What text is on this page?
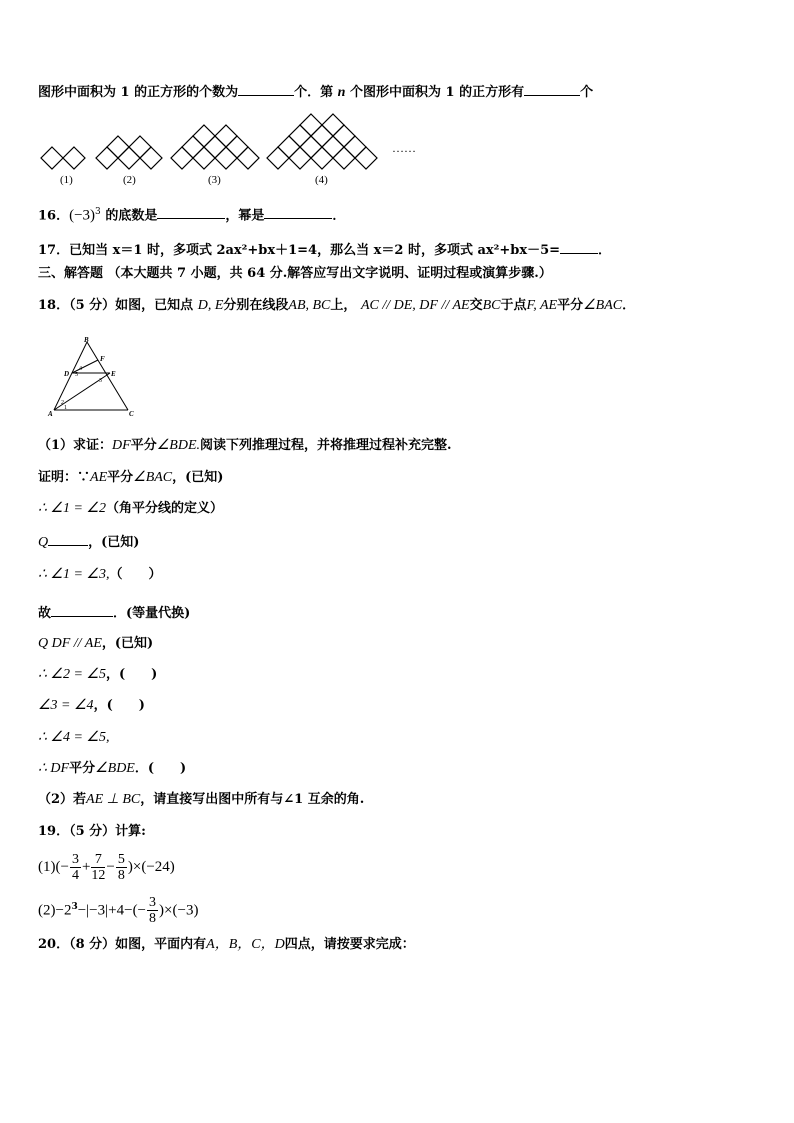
图形中面积为 1 的正方形的个数为	个．第 n 个图形中面积为 1 的正方形有	个
(1)	(2)	(3)	(4)
……
16．$(-3)^3$ 的底数是	，幂是	．
17．已知当 x＝1 时，多项式 2ax²+bx＋1=4，那么当 x＝2 时，多项式 ax²+bx－5=	．
三、解答题 （本大题共 7 小题，共 64 分.解答应写出文字说明、证明过程或演算步骤.）
18．（5 分）如图，已知点 D, E分别在线段AB, BC上， AC // DE, DF // AE交BC于点F, AE平分∠BAC．
B
F
D	E
A	C
4
5
3
2
1
（1）求证：DF平分∠BDE.阅读下列推理过程，并将推理过程补充完整.
证明：∵AE平分∠BAC，(已知)
∴ ∠1 = ∠2（角平分线的定义）
Q	，(已知)
∴ ∠1 = ∠3,（　　）
故	．(等量代换)
Q DF // AE，(已知)
∴ ∠2 = ∠5，(　　)
∠3 = ∠4，(　　)
∴ ∠4 = ∠5,
∴ DF平分∠BDE．(　　)
（2）若AE ⊥ BC，请直接写出图中所有与∠1 互余的角.
19．（5 分）计算:
$(1)(- \frac{3}{4} + \frac{7}{12} - \frac{5}{8} )\times(-24)$
$(2)-2^3-|-3|+4-(- \frac{3}{8} )\times(-3)$
20．（8 分）如图，平面内有A，B，C，D四点，请按要求完成：
